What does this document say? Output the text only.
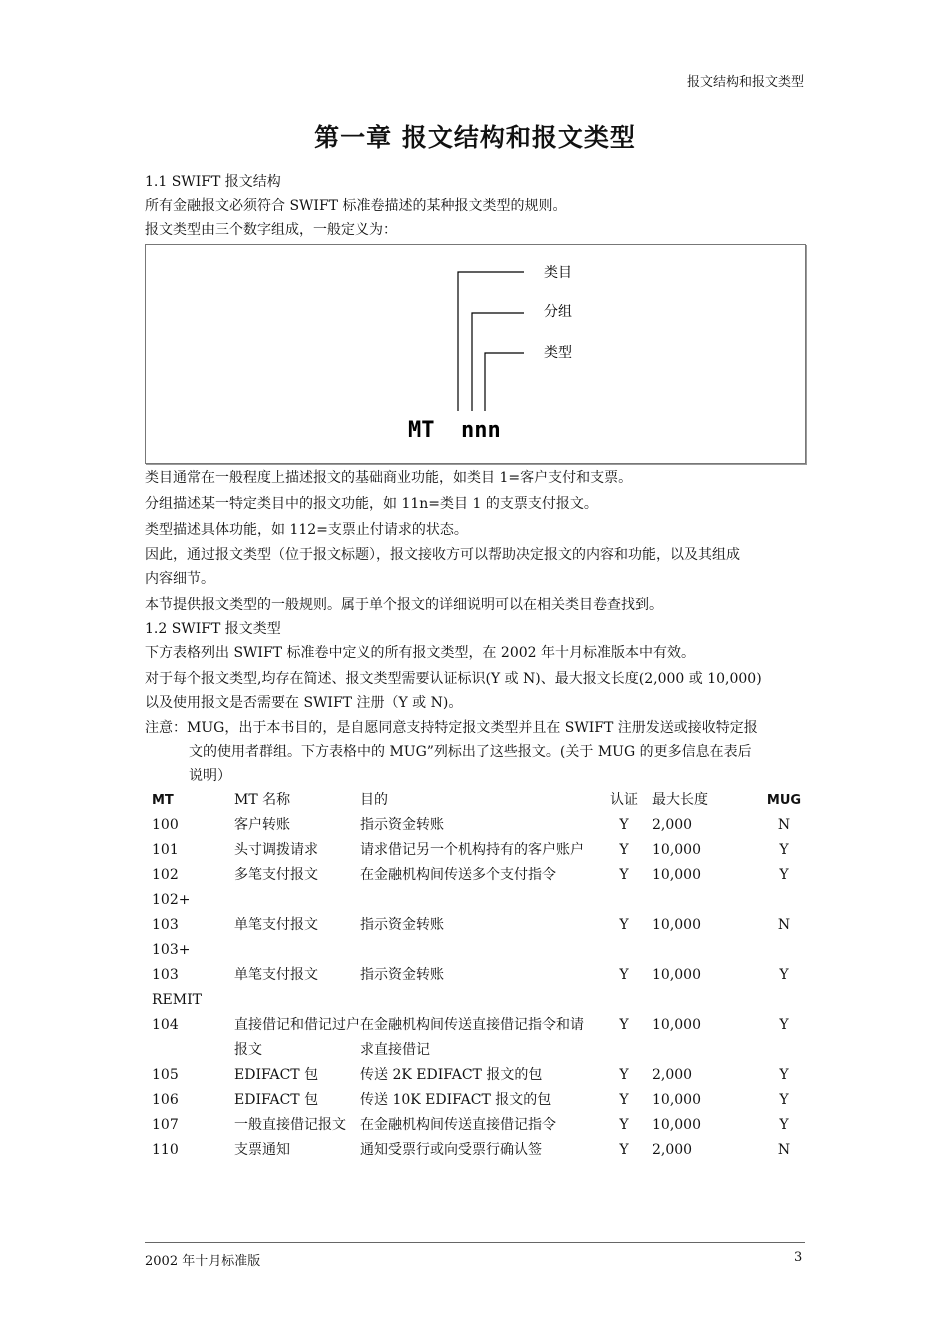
报文结构和报文类型
第一章 报文结构和报文类型
1.1 SWIFT 报文结构
所有金融报文必须符合 SWIFT 标准卷描述的某种报文类型的规则。
报文类型由三个数字组成，一般定义为：
类目
分组
类型
MT  nnn
类目通常在一般程度上描述报文的基础商业功能，如类目 1=客户支付和支票。
分组描述某一特定类目中的报文功能，如 11n=类目 1 的支票支付报文。
类型描述具体功能，如 112=支票止付请求的状态。
因此，通过报文类型（位于报文标题），报文接收方可以帮助决定报文的内容和功能，以及其组成
内容细节。
本节提供报文类型的一般规则。属于单个报文的详细说明可以在相关类目卷查找到。
1.2 SWIFT 报文类型
下方表格列出 SWIFT 标准卷中定义的所有报文类型，在 2002 年十月标准版本中有效。
对于每个报文类型,均存在简述、报文类型需要认证标识(Y 或 N)、最大报文长度(2,000 或 10,000)
以及使用报文是否需要在 SWIFT 注册（Y 或 N)。
注意：MUG，出于本书目的，是自愿同意支持特定报文类型并且在 SWIFT 注册发送或接收特定报
文的使用者群组。下方表格中的 MUG”列标出了这些报文。(关于 MUG 的更多信息在表后
说明）
MT	MT 名称	目的	认证	最大长度	MUG

100	客户转账	指示资金转账	Y	2,000	N

101	头寸调拨请求	请求借记另一个机构持有的客户账户	Y	10,000	Y

102
102+	多笔支付报文	在金融机构间传送多个支付指令	Y	10,000	Y

103
103+	单笔支付报文	指示资金转账	Y	10,000	N

103
REMIT	单笔支付报文	指示资金转账	Y	10,000	Y

104	直接借记和借记过户报文	在金融机构间传送直接借记指令和请求直接借记	Y	10,000	Y

105	EDIFACT 包	传送 2K EDIFACT 报文的包	Y	2,000	Y

106	EDIFACT 包	传送 10K EDIFACT 报文的包	Y	10,000	Y

107	一般直接借记报文	在金融机构间传送直接借记指令	Y	10,000	Y

110	支票通知	通知受票行或向受票行确认签	Y	2,000	N
2002 年十月标准版	3
